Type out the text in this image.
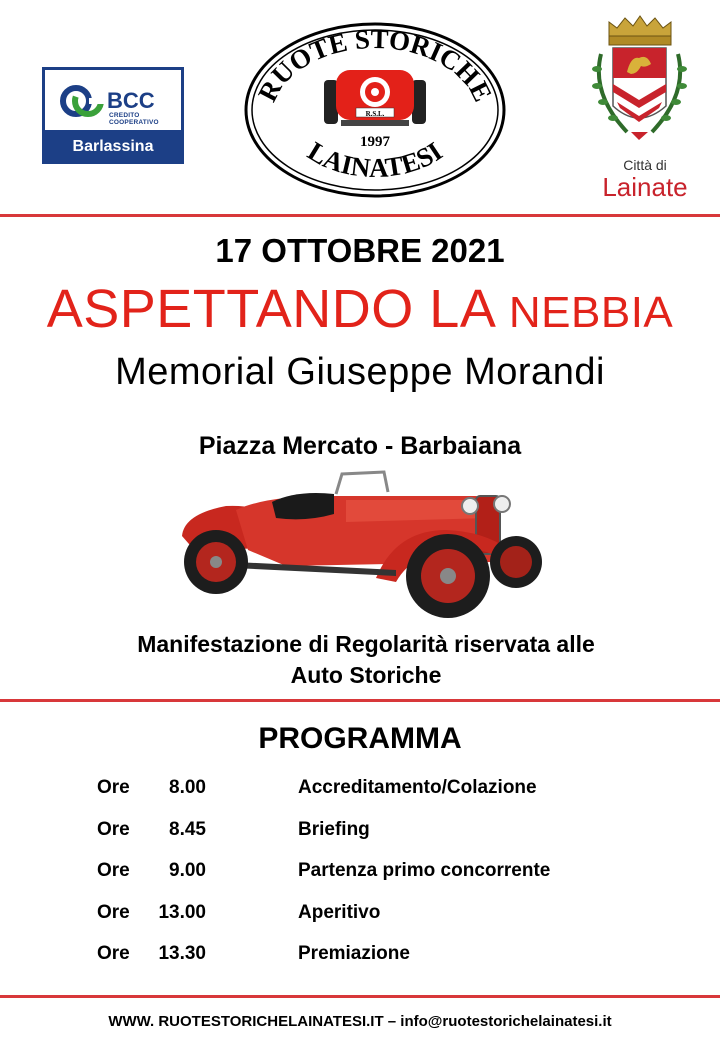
BCC
CREDITO COOPERATIVO
Barlassina
RUOTE STORICHE
LAINATESI
R.S.L.
1997
Città di
Lainate
17 OTTOBRE 2021
ASPETTANDO LA NEBBIA
Memorial Giuseppe Morandi
Piazza Mercato - Barbaiana
Manifestazione di Regolarità riservata alle
Auto Storiche
PROGRAMMA
Ore	8.00	Accreditamento/Colazione
Ore	8.45	Briefing
Ore	9.00	Partenza primo concorrente
Ore	13.00	Aperitivo
Ore	13.30	Premiazione
WWW. RUOTESTORICHELAINATESI.IT – info@ruotestorichelainatesi.it
